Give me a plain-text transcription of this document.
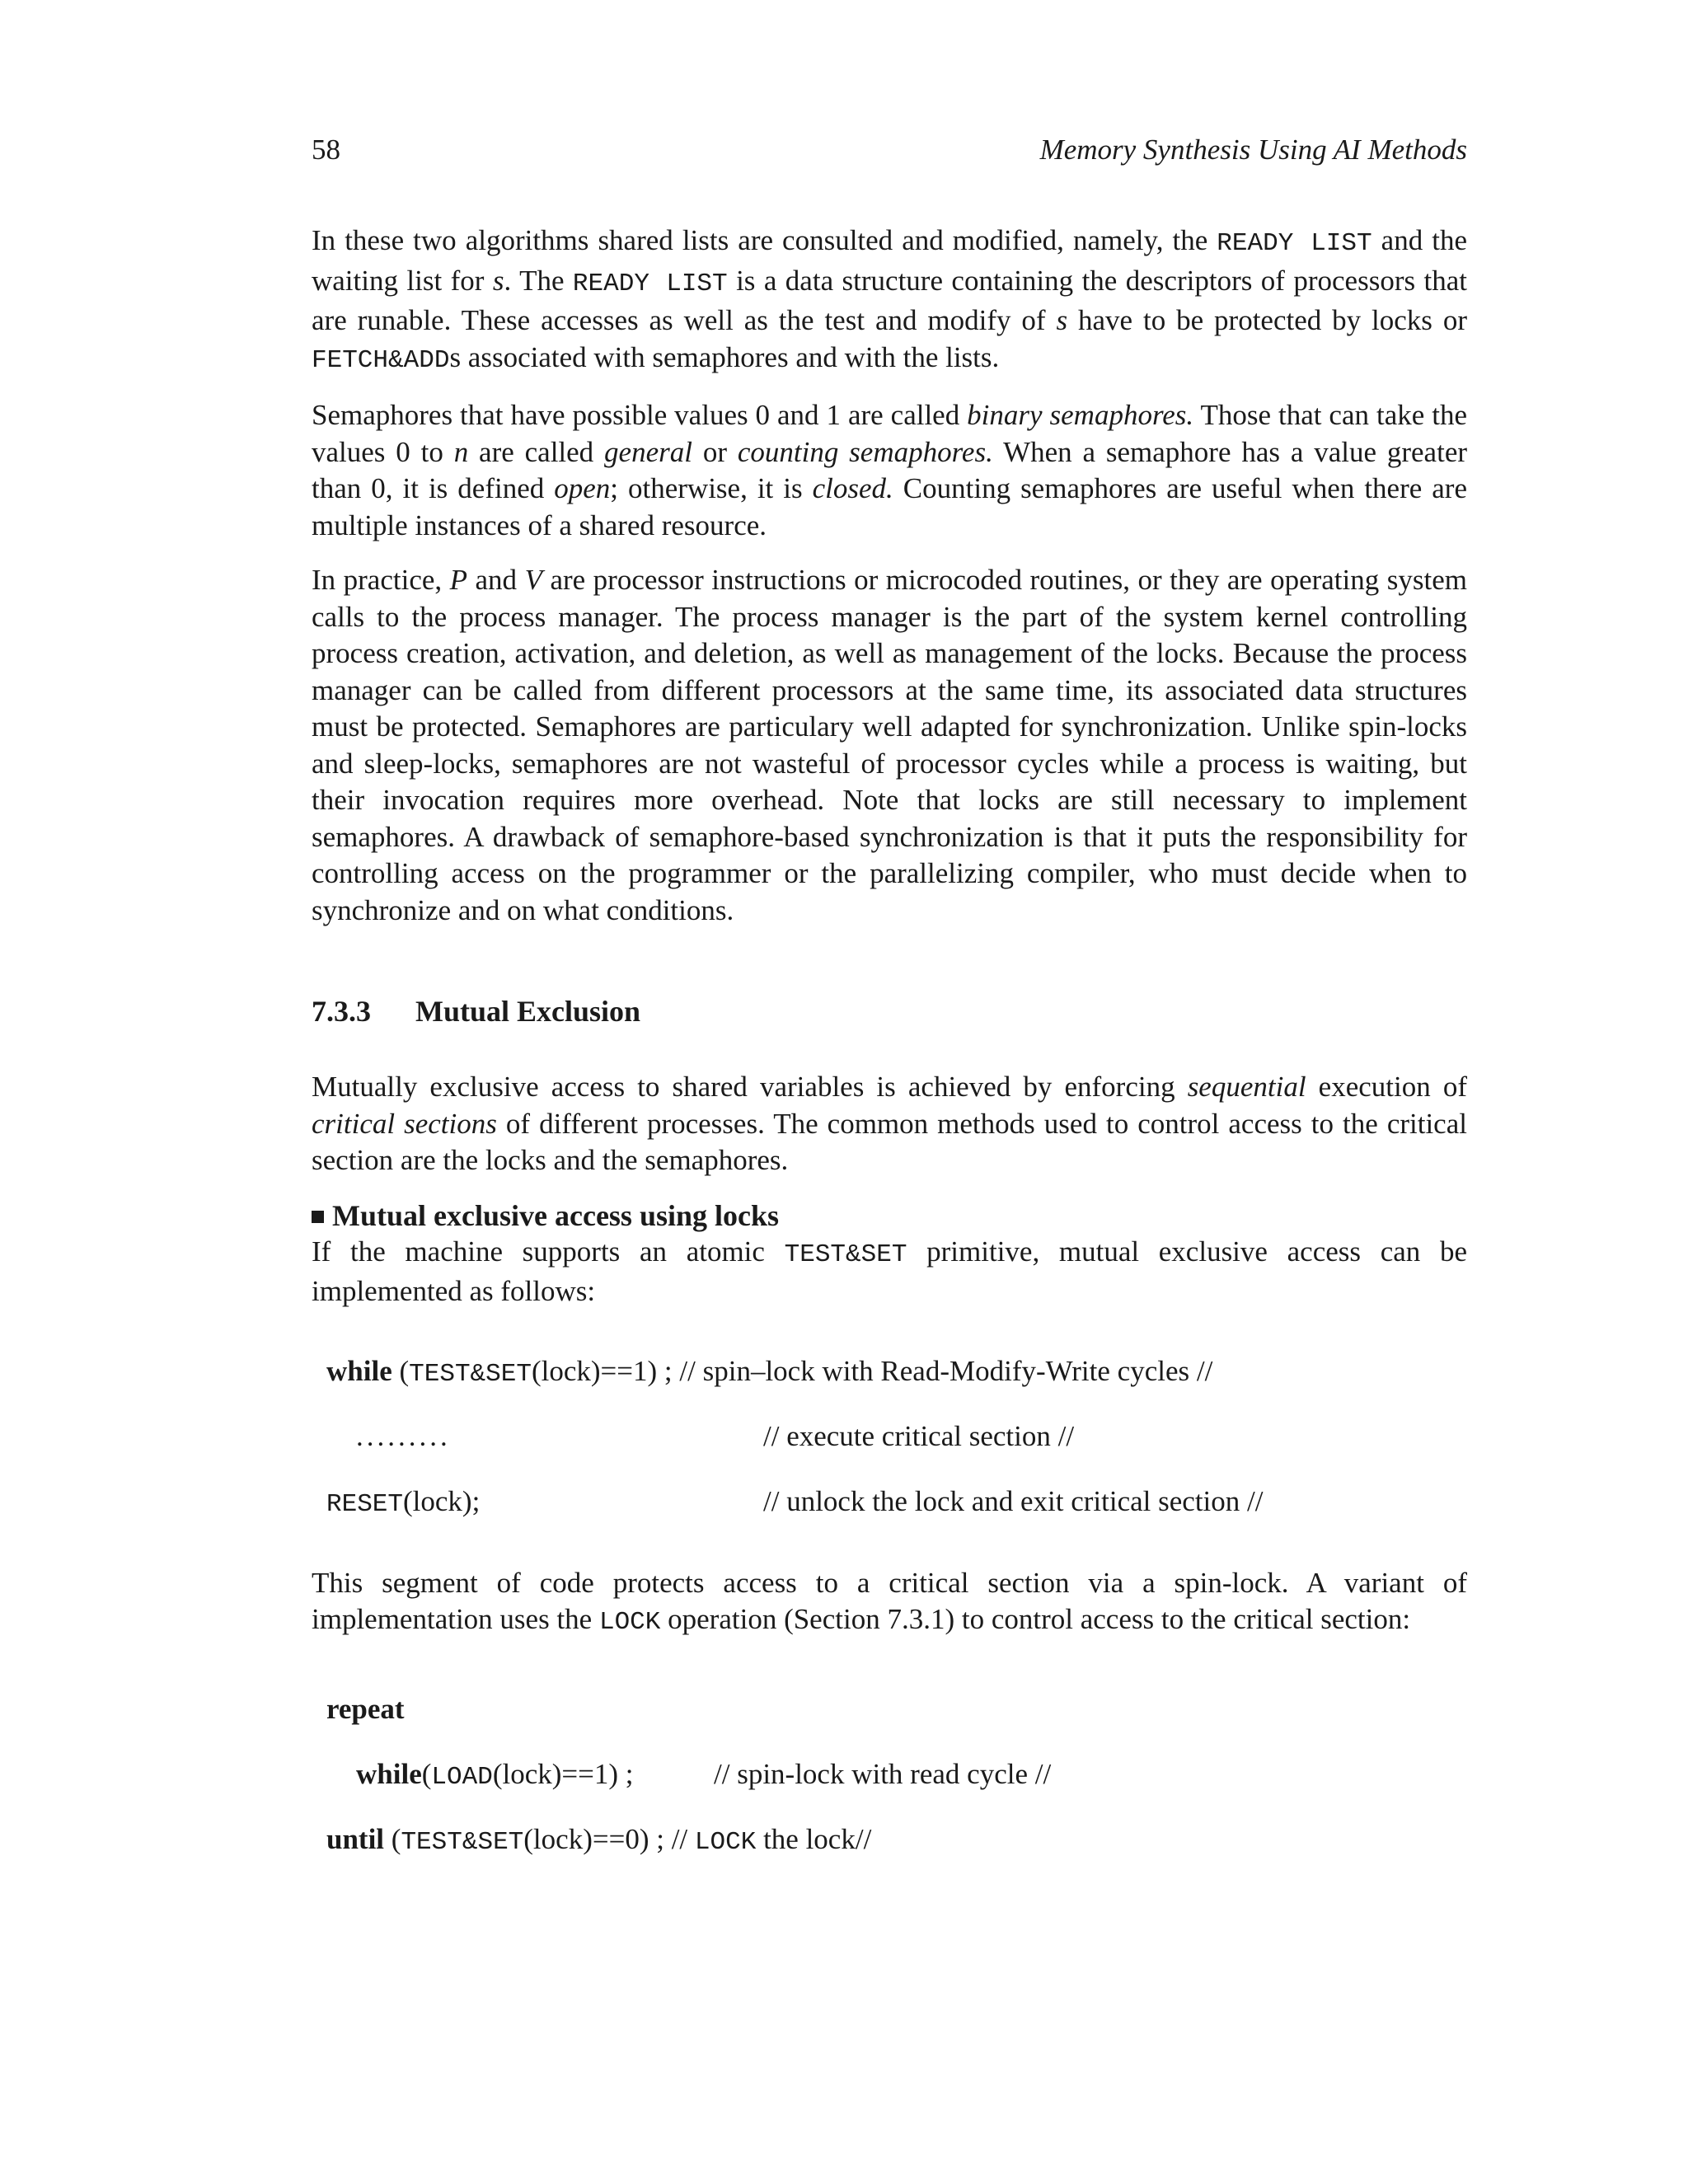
58	Memory Synthesis Using AI Methods

In these two algorithms shared lists are consulted and modified, namely, the READY LIST and the waiting list for s. The READY LIST is a data structure containing the descriptors of processors that are runable. These accesses as well as the test and modify of s have to be protected by locks or FETCH&ADDs associated with semaphores and with the lists.

Semaphores that have possible values 0 and 1 are called binary semaphores. Those that can take the values 0 to n are called general or counting semaphores. When a semaphore has a value greater than 0, it is defined open; otherwise, it is closed. Counting semaphores are useful when there are multiple instances of a shared resource.

In practice, P and V are processor instructions or microcoded routines, or they are operating system calls to the process manager. The process manager is the part of the system kernel controlling process creation, activation, and deletion, as well as management of the locks. Because the process manager can be called from different processors at the same time, its associated data structures must be protected. Semaphores are particulary well adapted for synchronization. Unlike spin-locks and sleep-locks, semaphores are not wasteful of processor cycles while a process is waiting, but their invocation requires more overhead. Note that locks are still necessary to implement semaphores. A drawback of semaphore-based synchronization is that it puts the responsibility for controlling access on the programmer or the parallelizing compiler, who must decide when to synchronize and on what conditions.

7.3.3 Mutual Exclusion

Mutually exclusive access to shared variables is achieved by enforcing sequential execution of critical sections of different processes. The common methods used to control access to the critical section are the locks and the semaphores.

Mutual exclusive access using locks

If the machine supports an atomic TEST&SET primitive, mutual exclusive access can be implemented as follows:

while (TEST&SET(lock)==1) ; // spin–lock with Read-Modify-Write cycles //
.........	// execute critical section //
RESET(lock);	// unlock the lock and exit critical section //

This segment of code protects access to a critical section via a spin-lock. A variant of implementation uses the LOCK operation (Section 7.3.1) to control access to the critical section:

repeat
while(LOAD(lock)==1) ;	// spin-lock with read cycle //
until (TEST&SET(lock)==0) ; // LOCK the lock//
